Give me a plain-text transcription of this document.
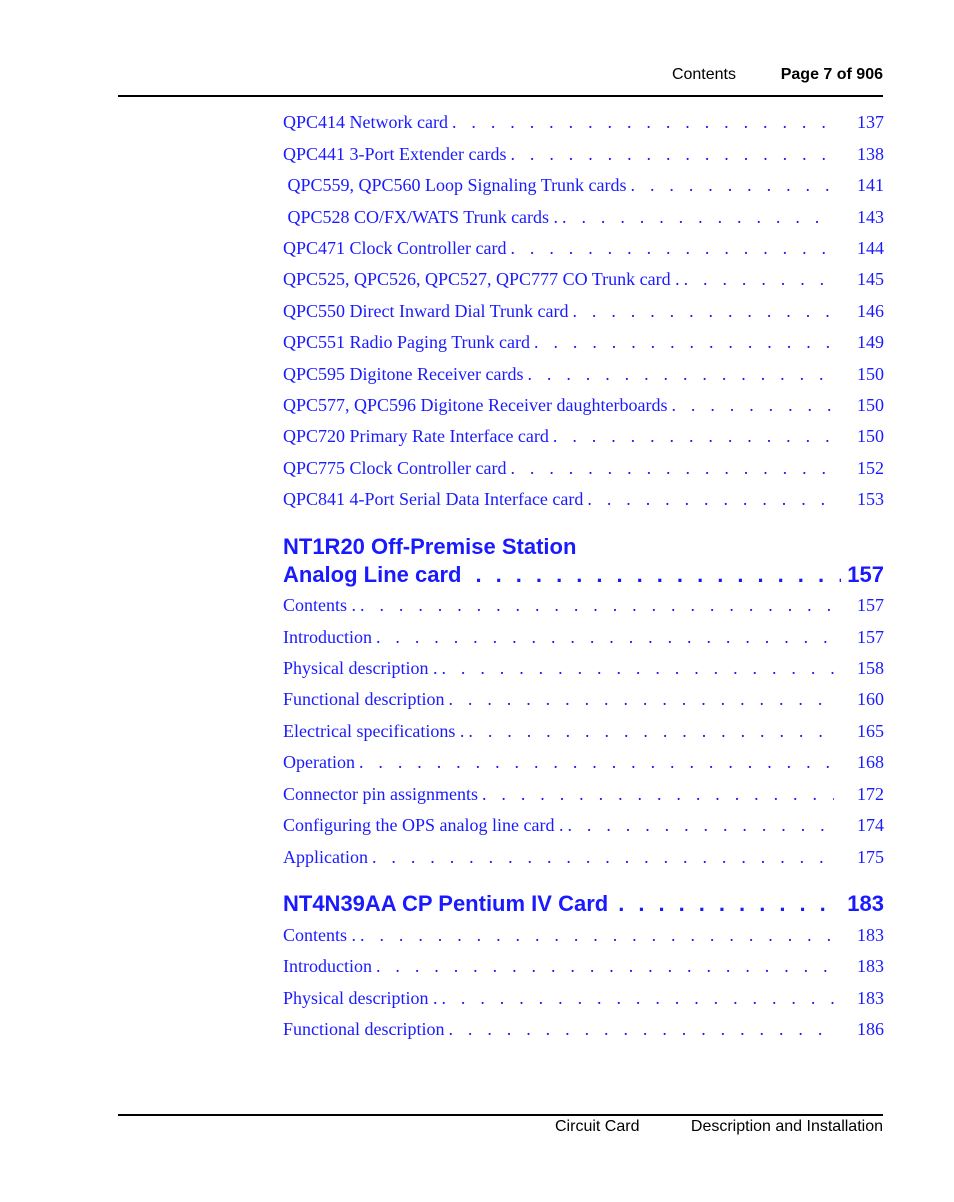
Contents	Page 7 of 906
QPC414 Network card . . .	137
QPC441 3-Port Extender cards . . .	138
QPC559, QPC560 Loop Signaling Trunk cards . . .	141
QPC528 CO/FX/WATS Trunk cards . . . .	143
QPC471 Clock Controller card . . .	144
QPC525, QPC526, QPC527, QPC777 CO Trunk card . . . .	145
QPC550 Direct Inward Dial Trunk card . . .	146
QPC551 Radio Paging Trunk card . . .	149
QPC595 Digitone Receiver cards . . .	150
QPC577, QPC596 Digitone Receiver daughterboards . . .	150
QPC720 Primary Rate Interface card . . .	150
QPC775 Clock Controller card . . .	152
QPC841 4-Port Serial Data Interface card . . .	153
NT1R20 Off-Premise Station
Analog Line card . . .	157
Contents . . . .	157
Introduction . . .	157
Physical description . . . .	158
Functional description . . .	160
Electrical specifications . . . .	165
Operation . . .	168
Connector pin assignments . . .	172
Configuring the OPS analog line card . . . .	174
Application . . .	175
NT4N39AA CP Pentium IV Card . . .	183
Contents . . . .	183
Introduction . . .	183
Physical description . . . .	183
Functional description . . .	186
Circuit Card	Description and Installation
